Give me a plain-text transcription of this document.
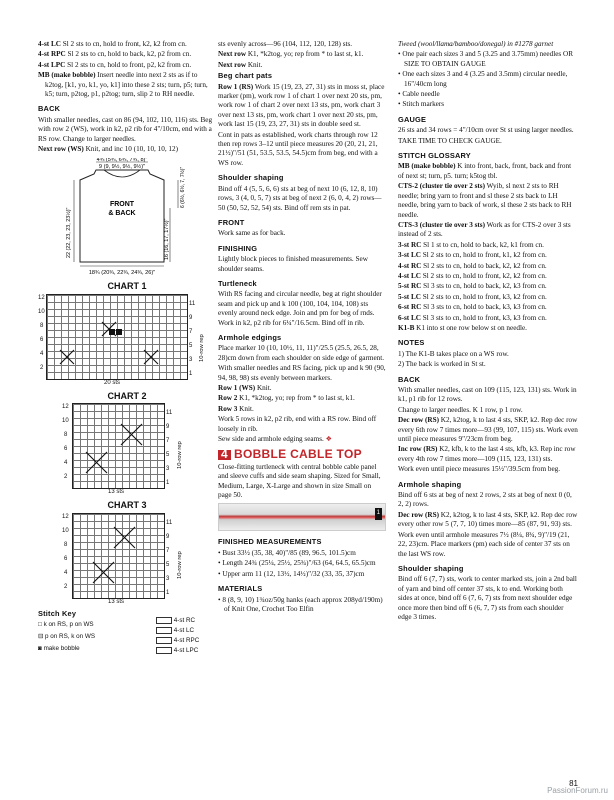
4-st LC Sl 2 sts to cn, hold to front, k2, k2 from cn.

4-st RPC Sl 2 sts to cn, hold to back, k2, p2 from cn.

4-st LPC Sl 2 sts to cn, hold to front, p2, k2 from cn.

MB (make bobble) Insert needle into next 2 sts as if to k2tog, [k1, yo, k1, yo, k1] into these 2 sts; turn, p5; turn, k5; turn, p2tog, p1, p2tog; turn, slip 2 to RH needle.

BACK

With smaller needles, cast on 86 (94, 102, 110, 116) sts. Beg with row 2 (WS), work in k2, p2 rib for 4"/10cm, end with a RS row. Change to larger needles.

Next row (WS) Knit, and inc 10 (10, 10, 10, 12)

4¾ (5¾, 6¾, 7¾, 8)"
9 (9, 9½, 9½, 9½)"
FRONT
& BACK
18¾ (20¾, 22¾, 24¾, 26)"
22 (22, 23, 23, 23½)"	16 (16, 17, 17½)"
6 (6½, 6½, 7, 7½)"
CHART 1
12
10
8
6
4
2
11
9
7
5
3
1
10-row rep
20 sts
CHART 2
12
10
8
6
4
2
11
9
7
5
3
1
10-row rep
13 sts
CHART 3
12
10
8
6
4
2
11
9
7
5
3
1
10-row rep
13 sts
Stitch Key
□ k on RS, p on WS
⊟ p on RS, k on WS
◙ make bobble
4-st RC
4-st LC
4-st RPC
4-st LPC

sts evenly across—96 (104, 112, 120, 128) sts.

Next row K1, *k2tog, yo; rep from * to last st, k1.

Next row Knit.

Beg chart pats

Row 1 (RS) Work 15 (19, 23, 27, 31) sts in moss st, place marker (pm), work row 1 of chart 1 over next 20 sts, pm, work row 1 of chart 2 over next 13 sts, pm, work chart 3 over next 13 sts, pm, work chart 1 over next 20 sts, pm, work last 15 (19, 23, 27, 31) sts in double seed st.

Cont in pats as established, work charts through row 12 then rep rows 3–12 until piece measures 20 (20, 21, 21, 21½)"/51 (51, 53.5, 53.5, 54.5)cm from beg, end with a WS row.

Shoulder shaping

Bind off 4 (5, 5, 6, 6) sts at beg of next 10 (6, 12, 8, 10) rows, 3 (4, 0, 5, 7) sts at beg of next 2 (6, 0, 4, 2) rows—50 (50, 52, 52, 54) sts. Bind off rem sts in pat.

FRONT

Work same as for back.

FINISHING

Lightly block pieces to finished measurements. Sew shoulder seams.

Turtleneck

With RS facing and circular needle, beg at right shoulder seam and pick up and k 100 (100, 104, 104, 108) sts evenly around neck edge. Join and pm for beg of rnds. Work in k2, p2 rib for 6¼"/16.5cm. Bind off in rib.

Armhole edgings

Place marker 10 (10, 10½, 11, 11)"/25.5 (25.5, 26.5, 28, 28)cm down from each shoulder on side edge of garment.

With smaller needles and RS facing, pick up and k 90 (90, 94, 98, 98) sts evenly between markers.

Row 1 (WS) Knit.

Row 2 K1, *k2tog, yo; rep from * to last st, k1.

Row 3 Knit.

Work 5 rows in k2, p2 rib, end with a RS row. Bind off loosely in rib.

Sew side and armhole edging seams. ❖

4 BOBBLE CABLE TOP

Close-fitting turtleneck with central bobble cable panel and sleeve cuffs and side seam shaping. Sized for Small, Medium, Large, X-Large and shown in size Small on page 50.

1
FINISHED MEASUREMENTS

• Bust 33½ (35, 38, 40)"/85 (89, 96.5, 101.5)cm

• Length 24¾ (25¼, 25½, 25¾)"/63 (64, 64.5, 65.5)cm

• Upper arm 11 (12, 13½, 14½)"/32 (33, 35, 37)cm

MATERIALS

• 8 (8, 9, 10) 1¾oz/50g hanks (each approx 208yd/190m) of Knit One, Crochet Too Elfin

Tweed (wool/llama/bamboo/donegal) in #1278 garnet

• One pair each sizes 3 and 5 (3.25 and 3.75mm) needles OR SIZE TO OBTAIN GAUGE

• One each sizes 3 and 4 (3.25 and 3.5mm) circular needle, 16"/40cm long

• Cable needle

• Stitch markers

GAUGE

26 sts and 34 rows = 4"/10cm over St st using larger needles.

TAKE TIME TO CHECK GAUGE.

STITCH GLOSSARY

MB (make bobble) K into front, back, front, back and front of next st; turn, p5. turn; k5tog tbl.

CTS-2 (cluster tie over 2 sts) Wyib, sl next 2 sts to RH needle; bring yarn to front and sl these 2 sts back to LH needle, bring yarn to back of work, sl these 2 sts back to RH needle.

CTS-3 (cluster tie over 3 sts) Work as for CTS-2 over 3 sts instead of 2 sts.

3-st RC Sl 1 st to cn, hold to back, k2, k1 from cn.

3-st LC Sl 2 sts to cn, hold to front, k1, k2 from cn.

4-st RC Sl 2 sts to cn, hold to back, k2, k2 from cn.

4-st LC Sl 2 sts to cn, hold to front, k2, k2 from cn.

5-st RC Sl 3 sts to cn, hold to back, k2, k3 from cn.

5-st LC Sl 2 sts to cn, hold to front, k3, k2 from cn.

6-st RC Sl 3 sts to cn, hold to back, k3, k3 from cn.

6-st LC Sl 3 sts to cn, hold to front, k3, k3 from cn.

K1-B K1 into st one row below st on needle.

NOTES

1) The K1-B takes place on a WS row.

2) The back is worked in St st.

BACK

With smaller needles, cast on 109 (115, 123, 131) sts. Work in k1, p1 rib for 12 rows.

Change to larger needles. K 1 row, p 1 row.

Dec row (RS) K2, k2tog, k to last 4 sts, SKP, k2. Rep dec row every 6th row 7 times more—93 (99, 107, 115) sts. Work even until piece measures 9"/23cm from beg.

Inc row (RS) K2, kfb, k to the last 4 sts, kfb, k3. Rep inc row every 4th row 7 times more—109 (115, 123, 131) sts.

Work even until piece measures 15½"/39.5cm from beg.

Armhole shaping

Bind off 6 sts at beg of next 2 rows, 2 sts at beg of next 0 (0, 2, 2) rows.

Dec row (RS) K2, k2tog, k to last 4 sts, SKP, k2. Rep dec row every other row 5 (7, 7, 10) times more—85 (87, 91, 93) sts.

Work even until armhole measures 7½ (8¼, 8¾, 9)"/19 (21, 22, 23)cm. Place markers (pm) each side of center 37 sts on the last WS row.

Shoulder shaping

Bind off 6 (7, 7) sts, work to center marked sts, join a 2nd ball of yarn and bind off center 37 sts, k to end. Working both sides at once, bind off 6 (7, 6, 7) sts from next shoulder edge once more then bind off 6 (6, 7, 7) sts from each shoulder edge 3 times.

81
PassionForum.ru
